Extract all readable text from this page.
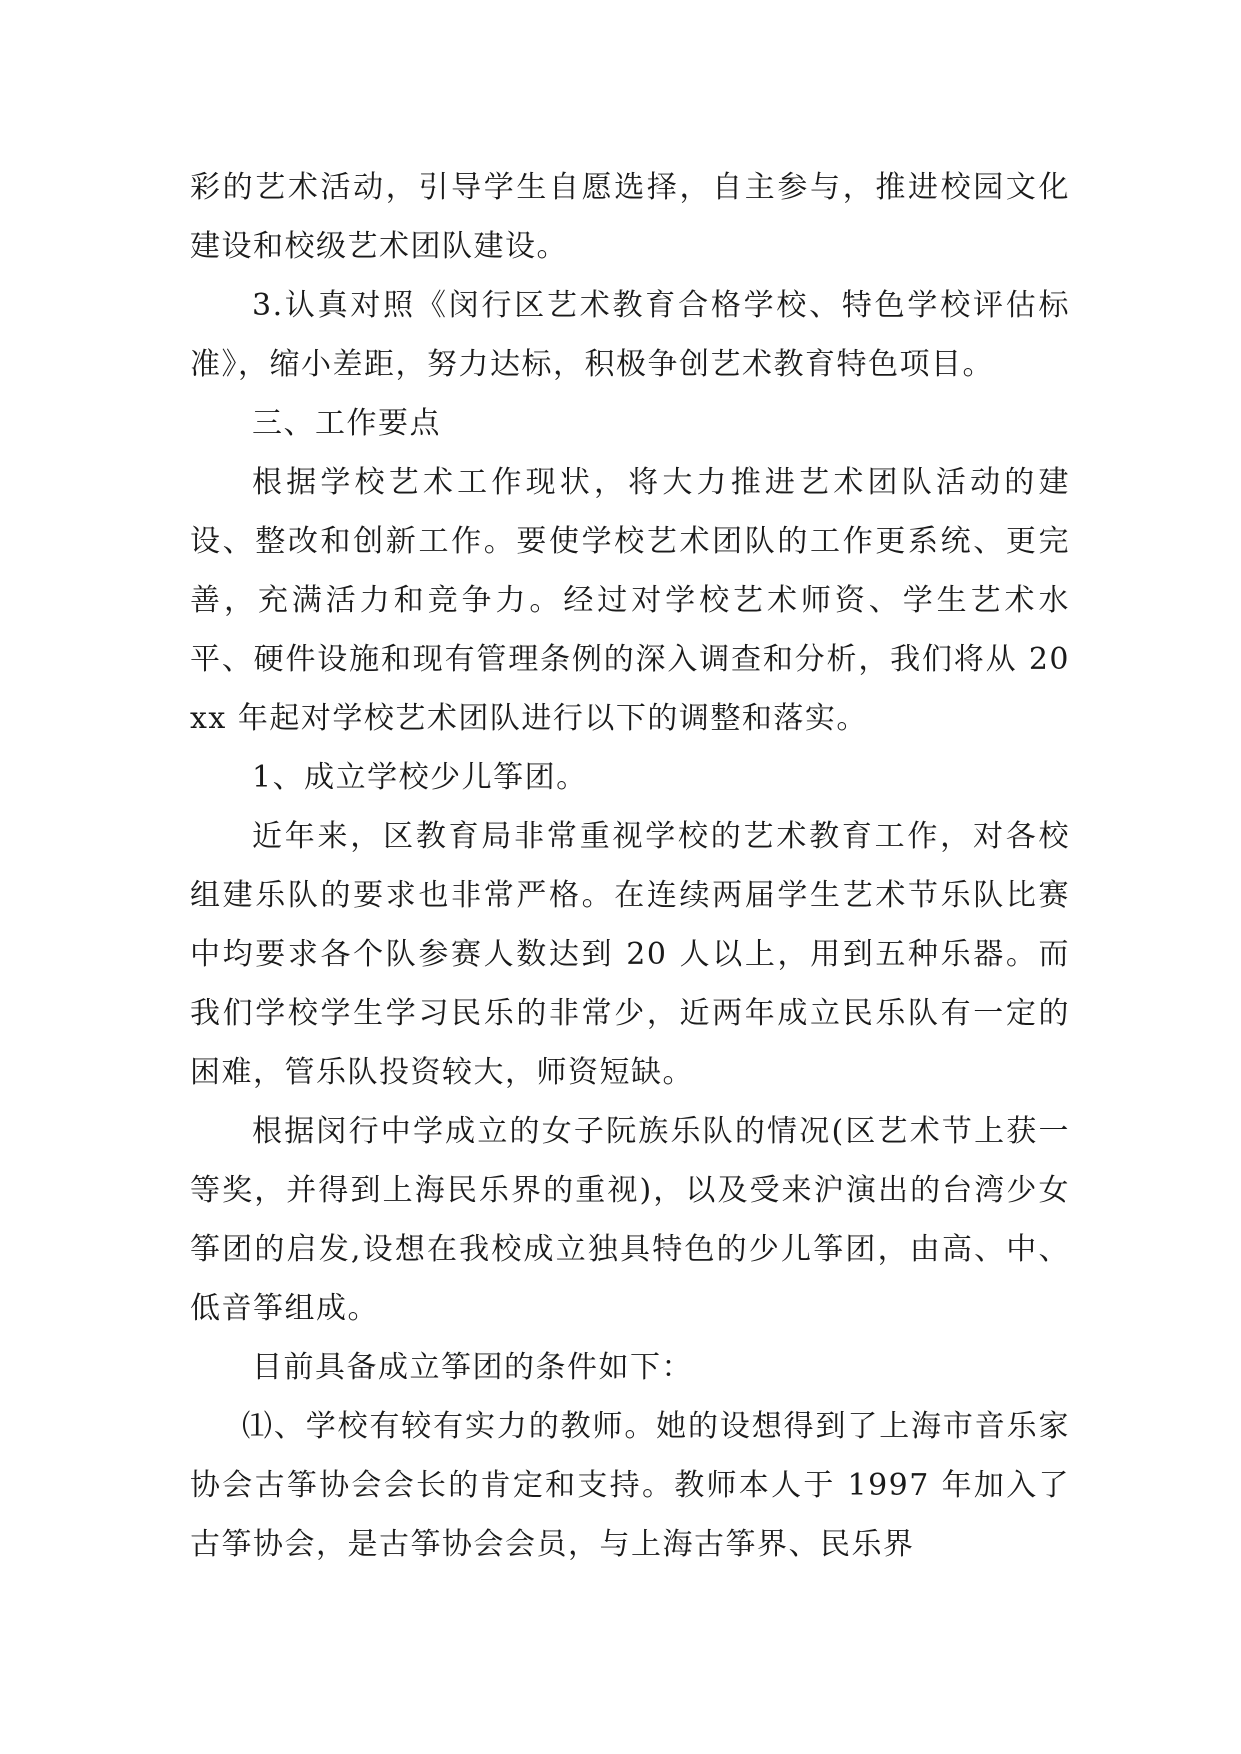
彩的艺术活动，引导学生自愿选择，自主参与，推进校园文化建设和校级艺术团队建设。

3.认真对照《闵行区艺术教育合格学校、特色学校评估标准》，缩小差距，努力达标，积极争创艺术教育特色项目。

三、工作要点

根据学校艺术工作现状，将大力推进艺术团队活动的建设、整改和创新工作。要使学校艺术团队的工作更系统、更完善，充满活力和竞争力。经过对学校艺术师资、学生艺术水平、硬件设施和现有管理条例的深入调查和分析，我们将从 20xx 年起对学校艺术团队进行以下的调整和落实。

1、成立学校少儿筝团。

近年来，区教育局非常重视学校的艺术教育工作，对各校组建乐队的要求也非常严格。在连续两届学生艺术节乐队比赛中均要求各个队参赛人数达到 20 人以上，用到五种乐器。而我们学校学生学习民乐的非常少，近两年成立民乐队有一定的困难，管乐队投资较大，师资短缺。

根据闵行中学成立的女子阮族乐队的情况(区艺术节上获一等奖，并得到上海民乐界的重视)，以及受来沪演出的台湾少女筝团的启发,设想在我校成立独具特色的少儿筝团，由高、中、低音筝组成。

目前具备成立筝团的条件如下：

⑴、学校有较有实力的教师。她的设想得到了上海市音乐家协会古筝协会会长的肯定和支持。教师本人于 1997 年加入了古筝协会，是古筝协会会员，与上海古筝界、民乐界
